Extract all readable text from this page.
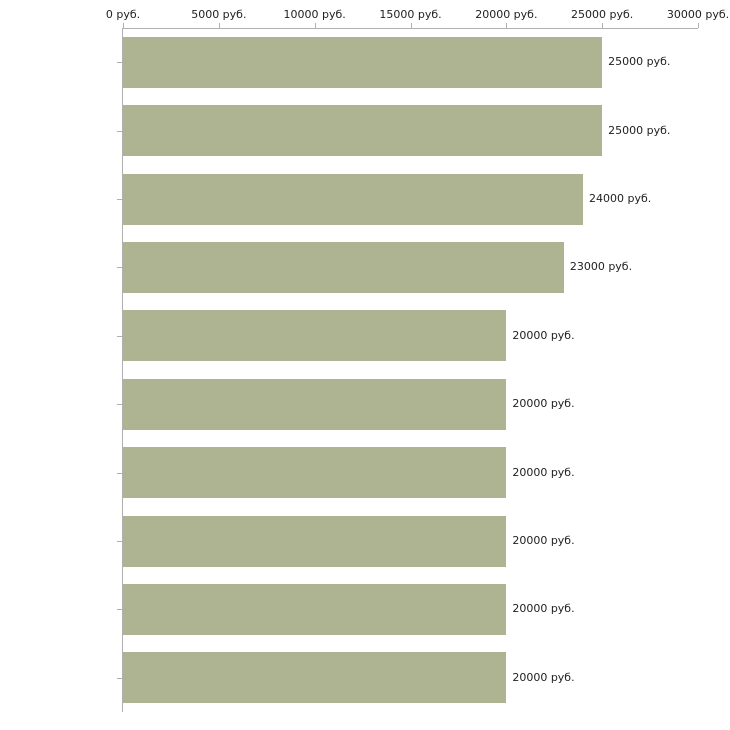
0 руб.	5000 руб.	10000 руб.	15000 руб.	20000 руб.	25000 руб.	30000 руб.
25000 руб.
25000 руб.
24000 руб.
23000 руб.
20000 руб.
20000 руб.
20000 руб.
20000 руб.
20000 руб.
20000 руб.
